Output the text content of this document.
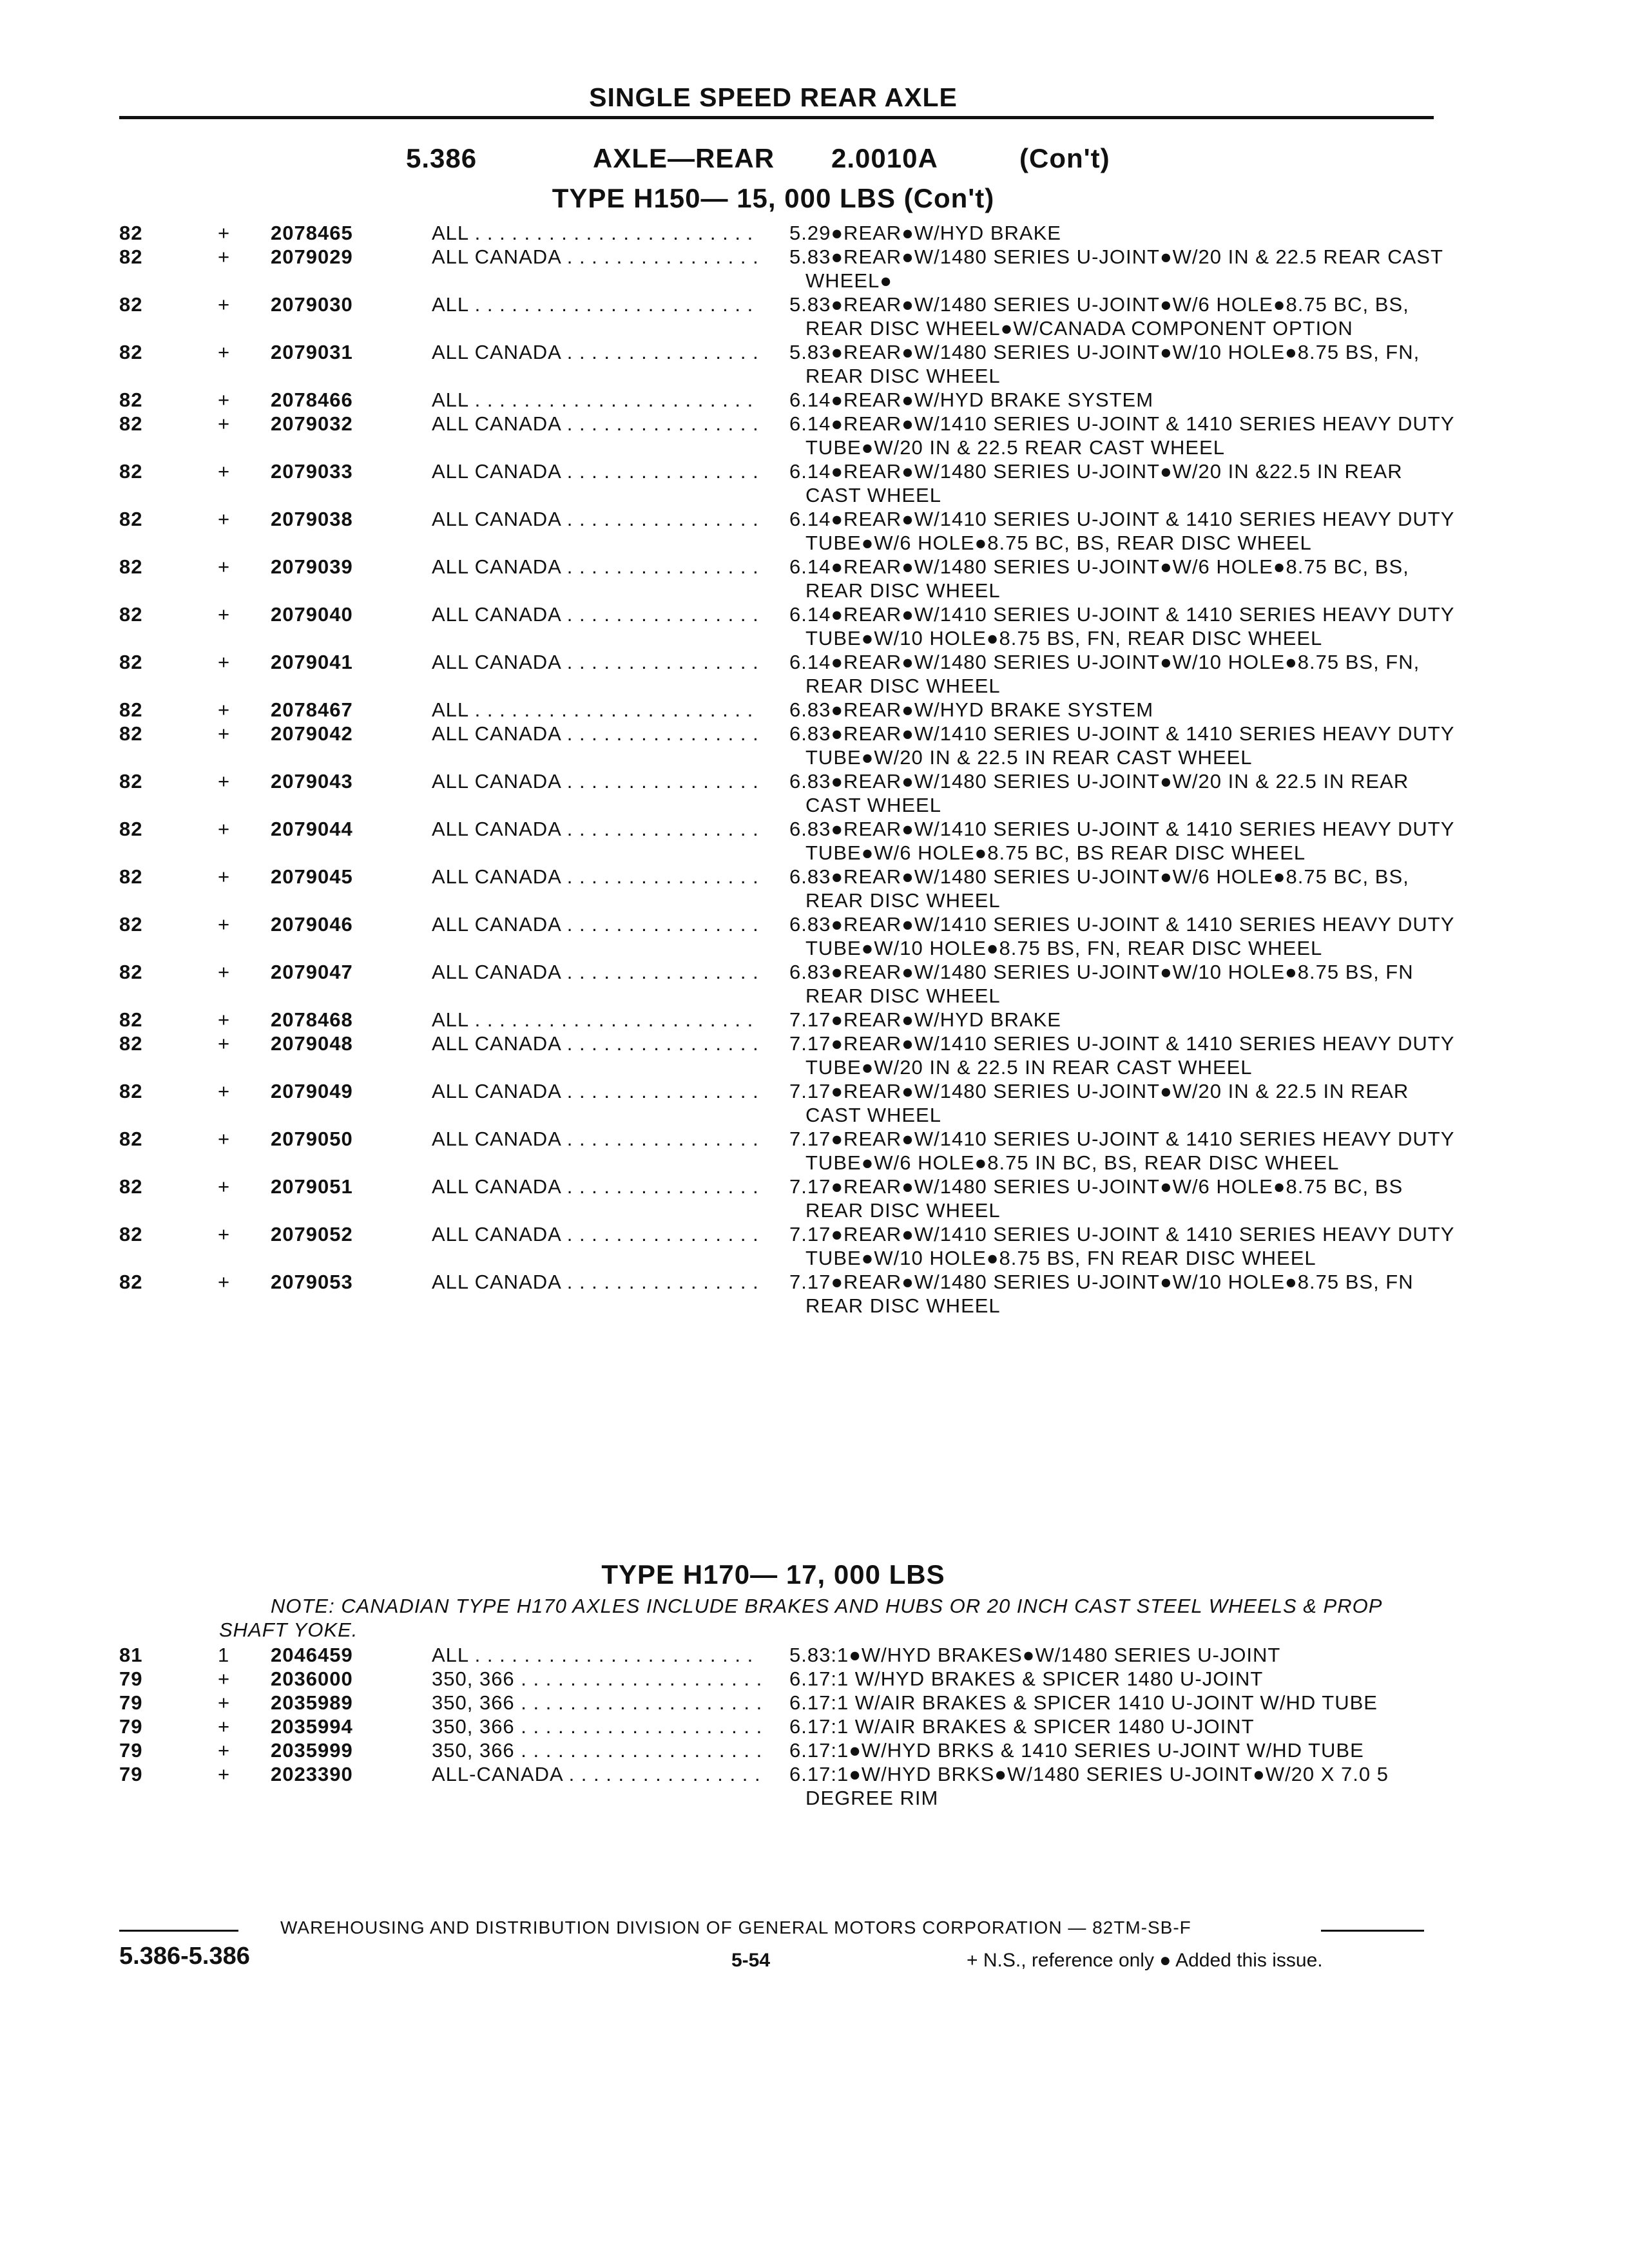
SINGLE SPEED REAR AXLE
5.386	AXLE—REAR 2.0010A	(Con't)
TYPE H150— 15, 000 LBS (Con't)
82	+ 2078465	ALL . . .	5.29●REAR●W/HYD BRAKE
82	+ 2079029	ALL CANADA . . .	5.83●REAR●W/1480 SERIES U-JOINT●W/20 IN & 22.5 REAR CAST WHEEL●
82	+ 2079030	ALL . . .	5.83●REAR●W/1480 SERIES U-JOINT●W/6 HOLE●8.75 BC, BS, REAR DISC WHEEL●W/CANADA COMPONENT OPTION
82	+ 2079031	ALL CANADA . . .	5.83●REAR●W/1480 SERIES U-JOINT●W/10 HOLE●8.75 BS, FN, REAR DISC WHEEL
82	+ 2078466	ALL . . .	6.14●REAR●W/HYD BRAKE SYSTEM
82	+ 2079032	ALL CANADA . . .	6.14●REAR●W/1410 SERIES U-JOINT & 1410 SERIES HEAVY DUTY TUBE●W/20 IN & 22.5 REAR CAST WHEEL
82	+ 2079033	ALL CANADA . . .	6.14●REAR●W/1480 SERIES U-JOINT●W/20 IN &22.5 IN REAR CAST WHEEL
82	+ 2079038	ALL CANADA . . .	6.14●REAR●W/1410 SERIES U-JOINT & 1410 SERIES HEAVY DUTY TUBE●W/6 HOLE●8.75 BC, BS, REAR DISC WHEEL
82	+ 2079039	ALL CANADA . . .	6.14●REAR●W/1480 SERIES U-JOINT●W/6 HOLE●8.75 BC, BS, REAR DISC WHEEL
82	+ 2079040	ALL CANADA . . .	6.14●REAR●W/1410 SERIES U-JOINT & 1410 SERIES HEAVY DUTY TUBE●W/10 HOLE●8.75 BS, FN, REAR DISC WHEEL
82	+ 2079041	ALL CANADA . . .	6.14●REAR●W/1480 SERIES U-JOINT●W/10 HOLE●8.75 BS, FN, REAR DISC WHEEL
82	+ 2078467	ALL . . .	6.83●REAR●W/HYD BRAKE SYSTEM
82	+ 2079042	ALL CANADA . . .	6.83●REAR●W/1410 SERIES U-JOINT & 1410 SERIES HEAVY DUTY TUBE●W/20 IN & 22.5 IN REAR CAST WHEEL
82	+ 2079043	ALL CANADA . . .	6.83●REAR●W/1480 SERIES U-JOINT●W/20 IN & 22.5 IN REAR CAST WHEEL
82	+ 2079044	ALL CANADA . . .	6.83●REAR●W/1410 SERIES U-JOINT & 1410 SERIES HEAVY DUTY TUBE●W/6 HOLE●8.75 BC, BS REAR DISC WHEEL
82	+ 2079045	ALL CANADA . . .	6.83●REAR●W/1480 SERIES U-JOINT●W/6 HOLE●8.75 BC, BS, REAR DISC WHEEL
82	+ 2079046	ALL CANADA . . .	6.83●REAR●W/1410 SERIES U-JOINT & 1410 SERIES HEAVY DUTY TUBE●W/10 HOLE●8.75 BS, FN, REAR DISC WHEEL
82	+ 2079047	ALL CANADA . . .	6.83●REAR●W/1480 SERIES U-JOINT●W/10 HOLE●8.75 BS, FN REAR DISC WHEEL
82	+ 2078468	ALL . . .	7.17●REAR●W/HYD BRAKE
82	+ 2079048	ALL CANADA . . .	7.17●REAR●W/1410 SERIES U-JOINT & 1410 SERIES HEAVY DUTY TUBE●W/20 IN & 22.5 IN REAR CAST WHEEL
82	+ 2079049	ALL CANADA . . .	7.17●REAR●W/1480 SERIES U-JOINT●W/20 IN & 22.5 IN REAR CAST WHEEL
82	+ 2079050	ALL CANADA . . .	7.17●REAR●W/1410 SERIES U-JOINT & 1410 SERIES HEAVY DUTY TUBE●W/6 HOLE●8.75 IN BC, BS, REAR DISC WHEEL
82	+ 2079051	ALL CANADA . . .	7.17●REAR●W/1480 SERIES U-JOINT●W/6 HOLE●8.75 BC, BS REAR DISC WHEEL
82	+ 2079052	ALL CANADA . . .	7.17●REAR●W/1410 SERIES U-JOINT & 1410 SERIES HEAVY DUTY TUBE●W/10 HOLE●8.75 BS, FN REAR DISC WHEEL
82	+ 2079053	ALL CANADA . . .	7.17●REAR●W/1480 SERIES U-JOINT●W/10 HOLE●8.75 BS, FN REAR DISC WHEEL
TYPE H170— 17, 000 LBS
NOTE: CANADIAN TYPE H170 AXLES INCLUDE BRAKES AND HUBS OR 20 INCH CAST STEEL WHEELS & PROP SHAFT YOKE.
81	1 2046459	ALL . . .	5.83:1●W/HYD BRAKES●W/1480 SERIES U-JOINT
79	+ 2036000	350, 366 . . .	6.17:1 W/HYD BRAKES & SPICER 1480 U-JOINT
79	+ 2035989	350, 366 . . .	6.17:1 W/AIR BRAKES & SPICER 1410 U-JOINT W/HD TUBE
79	+ 2035994	350, 366 . . .	6.17:1 W/AIR BRAKES & SPICER 1480 U-JOINT
79	+ 2035999	350, 366 . . .	6.17:1●W/HYD BRKS & 1410 SERIES U-JOINT W/HD TUBE
79	+ 2023390	ALL-CANADA . . .	6.17:1●W/HYD BRKS●W/1480 SERIES U-JOINT●W/20 X 7.0 5 DEGREE RIM
WAREHOUSING AND DISTRIBUTION DIVISION OF GENERAL MOTORS CORPORATION — 82TM-SB-F
5.386-5.386	5-54	+ N.S., reference only ● Added this issue.
